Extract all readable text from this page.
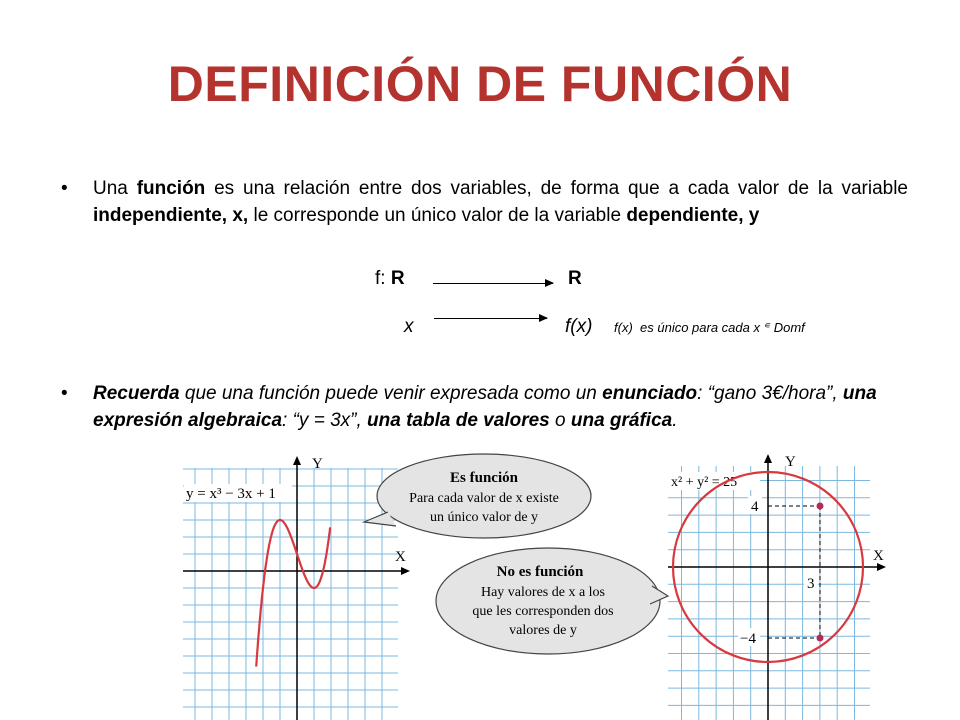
DEFINICIÓN DE FUNCIÓN
• Una función es una relación entre dos variables, de forma que a cada valor de la variable independiente, x, le corresponde un único valor de la variable dependiente, y
f: R	R
x	f(x) f(x) es único para cada x ∊ Domf
• Recuerda que una función puede venir expresada como un enunciado: “gano 3€/hora”, una expresión algebraica: “y = 3x”, una tabla de valores o una gráfica.
X
Y
y = x³ − 3x + 1
Es función
Para cada valor de x existe
un único valor de y
No es función
Hay valores de x a los
que les corresponden dos
valores de y
X
Y
x² + y² = 25
4
3
−4
